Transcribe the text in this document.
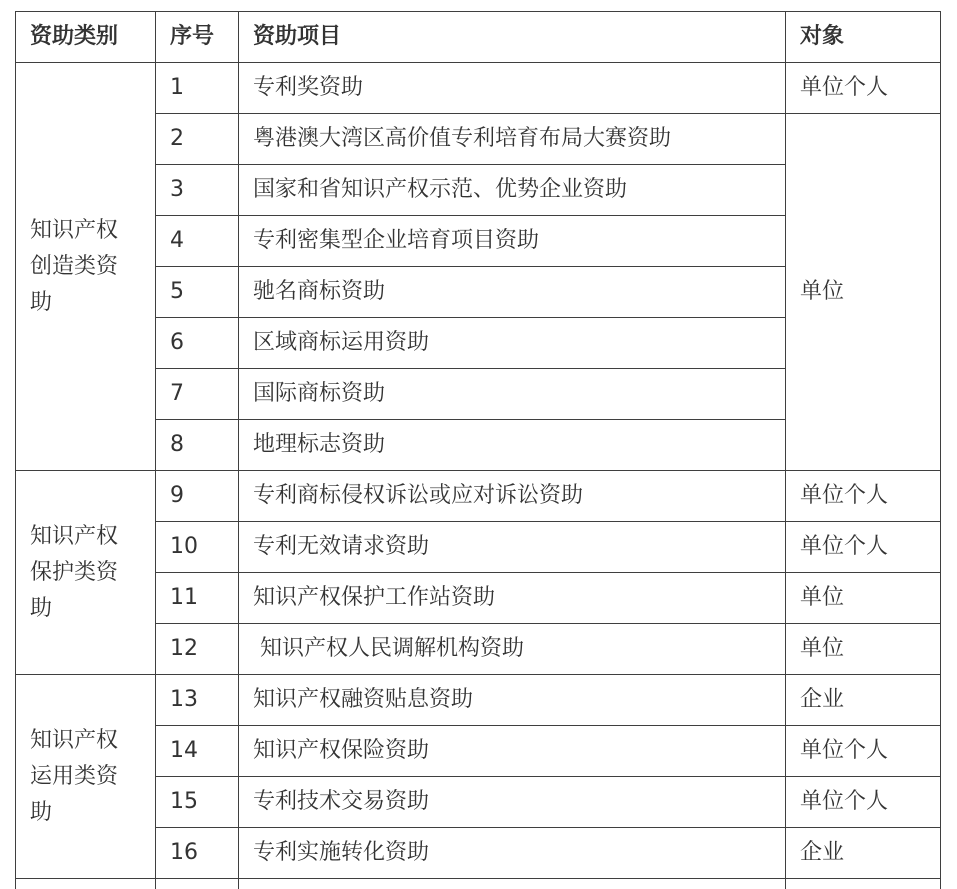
资助类别	序号	资助项目	对象
知识产权创造类资助	1	专利奖资助	单位个人
	2	粤港澳大湾区高价值专利培育布局大赛资助	单位
	3	国家和省知识产权示范、优势企业资助	
	4	专利密集型企业培育项目资助	
	5	驰名商标资助	
	6	区域商标运用资助	
	7	国际商标资助	
	8	地理标志资助	
知识产权保护类资助	9	专利商标侵权诉讼或应对诉讼资助	单位个人
	10	专利无效请求资助	单位个人
	11	知识产权保护工作站资助	单位
	12	知识产权人民调解机构资助	单位
知识产权运用类资助	13	知识产权融资贴息资助	企业
	14	知识产权保险资助	单位个人
	15	专利技术交易资助	单位个人
	16	专利实施转化资助	企业
